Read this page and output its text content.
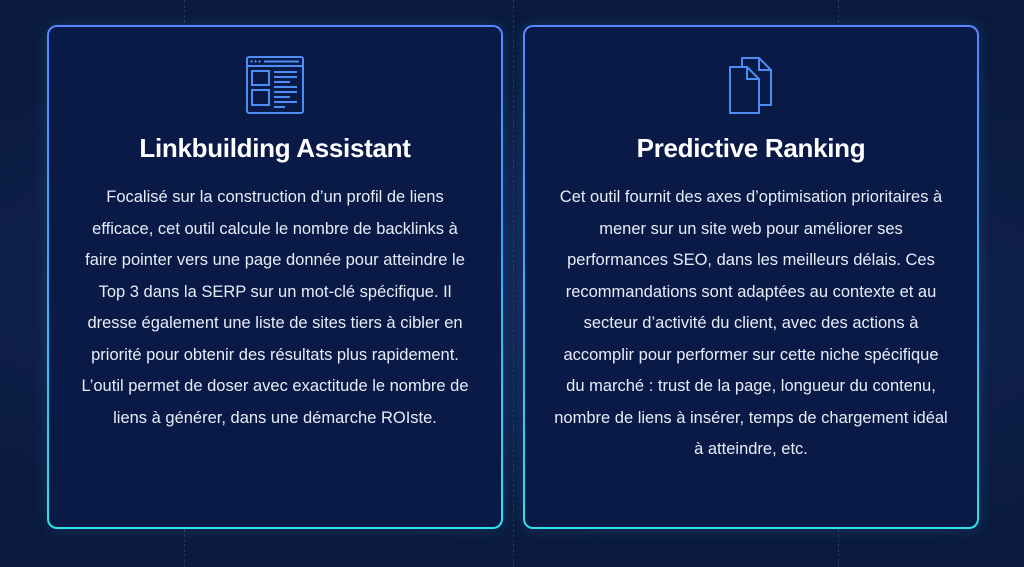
Linkbuilding Assistant
Focalisé sur la construction d’un profil de liens efficace, cet outil calcule le nombre de backlinks à faire pointer vers une page donnée pour atteindre le Top 3 dans la SERP sur un mot-clé spécifique. Il dresse également une liste de sites tiers à cibler en priorité pour obtenir des résultats plus rapidement. L’outil permet de doser avec exactitude le nombre de liens à générer, dans une démarche ROIste.
Predictive Ranking
Cet outil fournit des axes d’optimisation prioritaires à mener sur un site web pour améliorer ses performances SEO, dans les meilleurs délais. Ces recommandations sont adaptées au contexte et au secteur d’activité du client, avec des actions à accomplir pour performer sur cette niche spécifique du marché : trust de la page, longueur du contenu, nombre de liens à insérer, temps de chargement idéal à atteindre, etc.
